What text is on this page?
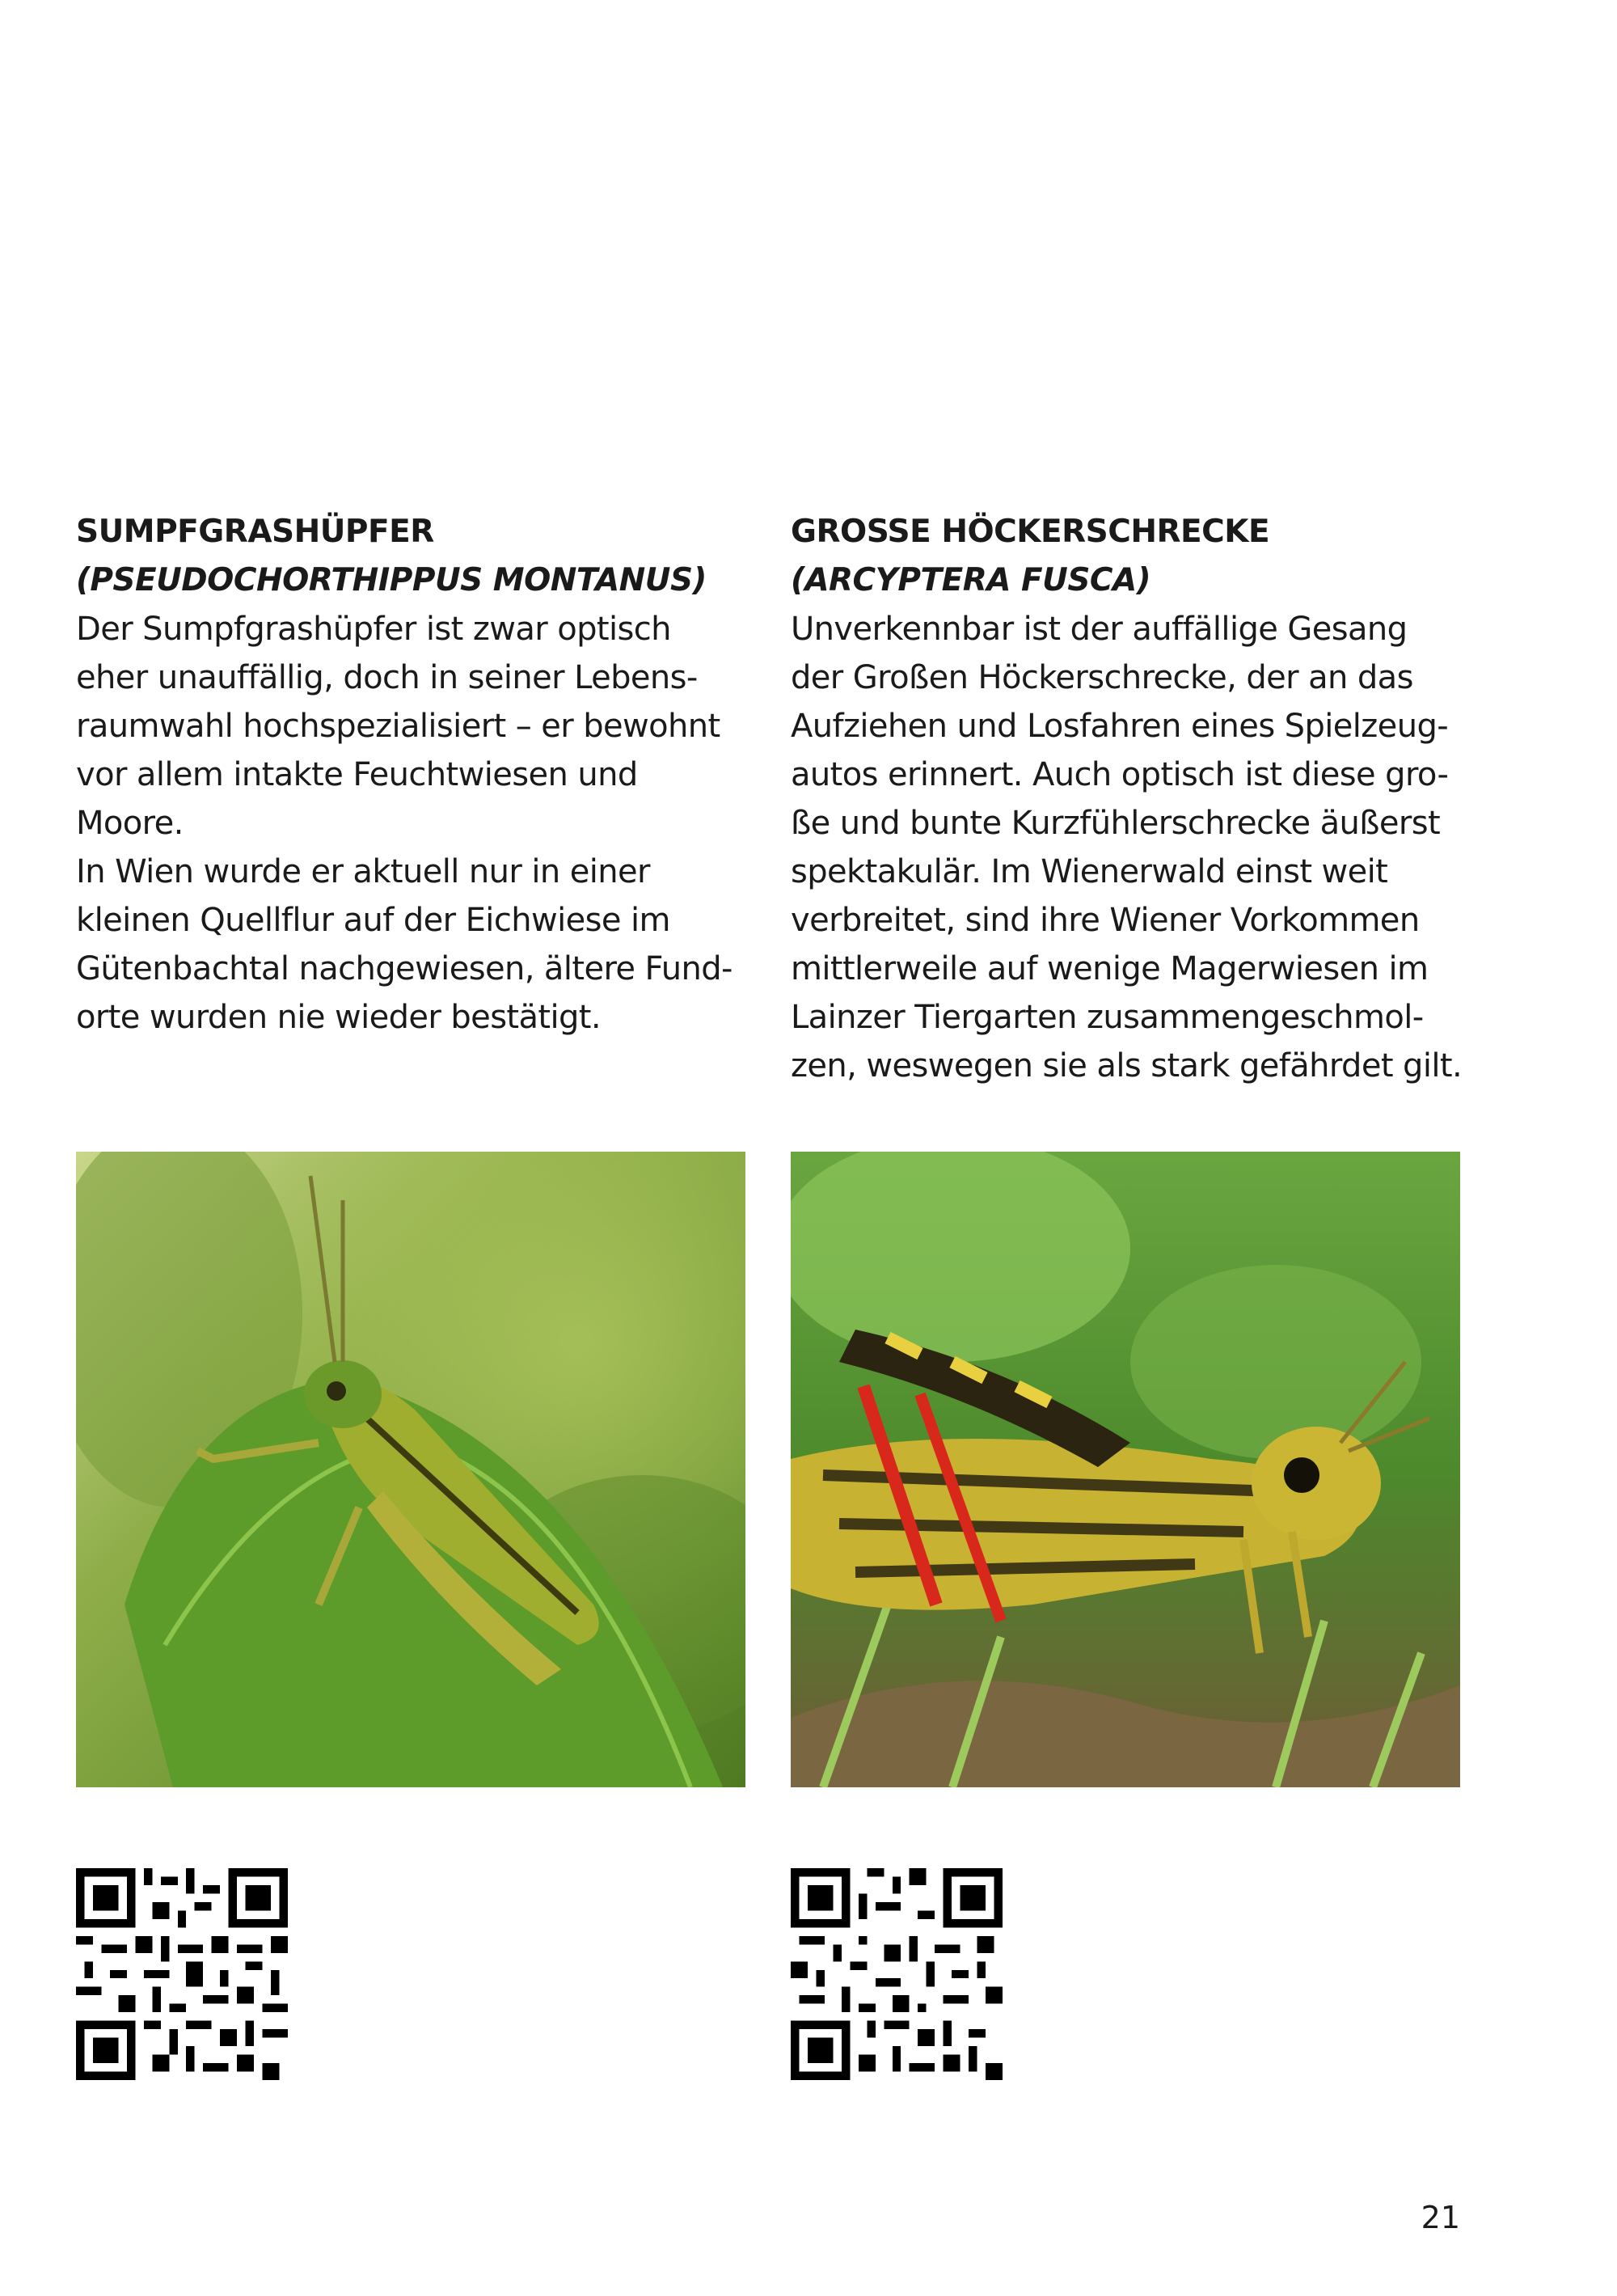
SUMPFGRASHÜPFER
(PSEUDOCHORTHIPPUS MONTANUS)

Der Sumpfgrashüpfer ist zwar optisch
eher unauffällig, doch in seiner Lebens-
raumwahl hochspezialisiert – er bewohnt
vor allem intakte Feuchtwiesen und
Moore.
In Wien wurde er aktuell nur in einer
kleinen Quellflur auf der Eichwiese im
Gütenbachtal nachgewiesen, ältere Fund-
orte wurden nie wieder bestätigt.

GROSSE HÖCKERSCHRECKE
(ARCYPTERA FUSCA)

Unverkennbar ist der auffällige Gesang
der Großen Höckerschrecke, der an das
Aufziehen und Losfahren eines Spielzeug-
autos erinnert. Auch optisch ist diese gro-
ße und bunte Kurzfühlerschrecke äußerst
spektakulär. Im Wienerwald einst weit
verbreitet, sind ihre Wiener Vorkommen
mittlerweile auf wenige Magerwiesen im
Lainzer Tiergarten zusammengeschmol-
zen, weswegen sie als stark gefährdet gilt.

21
